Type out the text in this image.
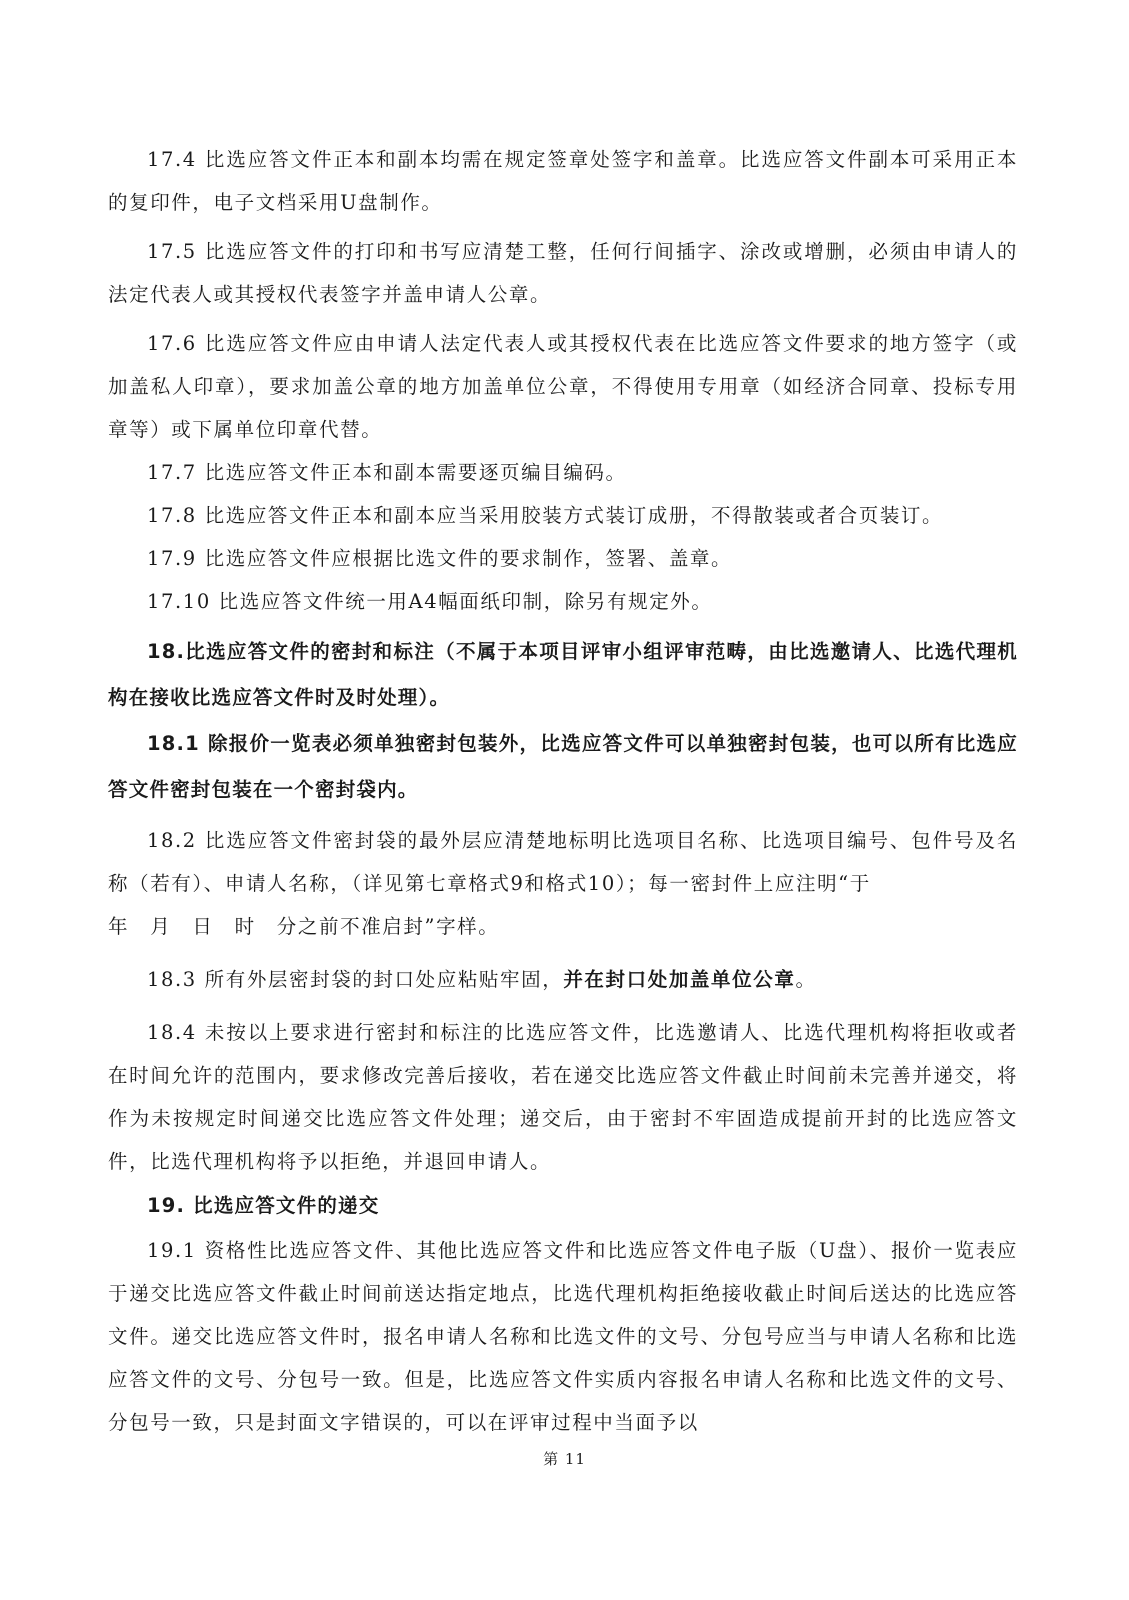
17.4 比选应答文件正本和副本均需在规定签章处签字和盖章。比选应答文件副本可采用正本的复印件，电子文档采用U盘制作。

17.5 比选应答文件的打印和书写应清楚工整，任何行间插字、涂改或增删，必须由申请人的法定代表人或其授权代表签字并盖申请人公章。

17.6 比选应答文件应由申请人法定代表人或其授权代表在比选应答文件要求的地方签字（或加盖私人印章），要求加盖公章的地方加盖单位公章，不得使用专用章（如经济合同章、投标专用章等）或下属单位印章代替。

17.7 比选应答文件正本和副本需要逐页编目编码。

17.8 比选应答文件正本和副本应当采用胶装方式装订成册，不得散装或者合页装订。

17.9 比选应答文件应根据比选文件的要求制作，签署、盖章。

17.10 比选应答文件统一用A4幅面纸印制，除另有规定外。

18.比选应答文件的密封和标注（不属于本项目评审小组评审范畴，由比选邀请人、比选代理机构在接收比选应答文件时及时处理）。

18.1 除报价一览表必须单独密封包装外，比选应答文件可以单独密封包装，也可以所有比选应答文件密封包装在一个密封袋内。

18.2 比选应答文件密封袋的最外层应清楚地标明比选项目名称、比选项目编号、包件号及名称（若有）、申请人名称，（详见第七章格式9和格式10）；每一密封件上应注明“于

年　月　日　时　分之前不准启封”字样。

18.3 所有外层密封袋的封口处应粘贴牢固，并在封口处加盖单位公章。

18.4 未按以上要求进行密封和标注的比选应答文件，比选邀请人、比选代理机构将拒收或者在时间允许的范围内，要求修改完善后接收，若在递交比选应答文件截止时间前未完善并递交，将作为未按规定时间递交比选应答文件处理；递交后，由于密封不牢固造成提前开封的比选应答文件，比选代理机构将予以拒绝，并退回申请人。

19. 比选应答文件的递交

19.1 资格性比选应答文件、其他比选应答文件和比选应答文件电子版（U盘）、报价一览表应于递交比选应答文件截止时间前送达指定地点，比选代理机构拒绝接收截止时间后送达的比选应答文件。递交比选应答文件时，报名申请人名称和比选文件的文号、分包号应当与申请人名称和比选应答文件的文号、分包号一致。但是，比选应答文件实质内容报名申请人名称和比选文件的文号、分包号一致，只是封面文字错误的，可以在评审过程中当面予以

第 11
